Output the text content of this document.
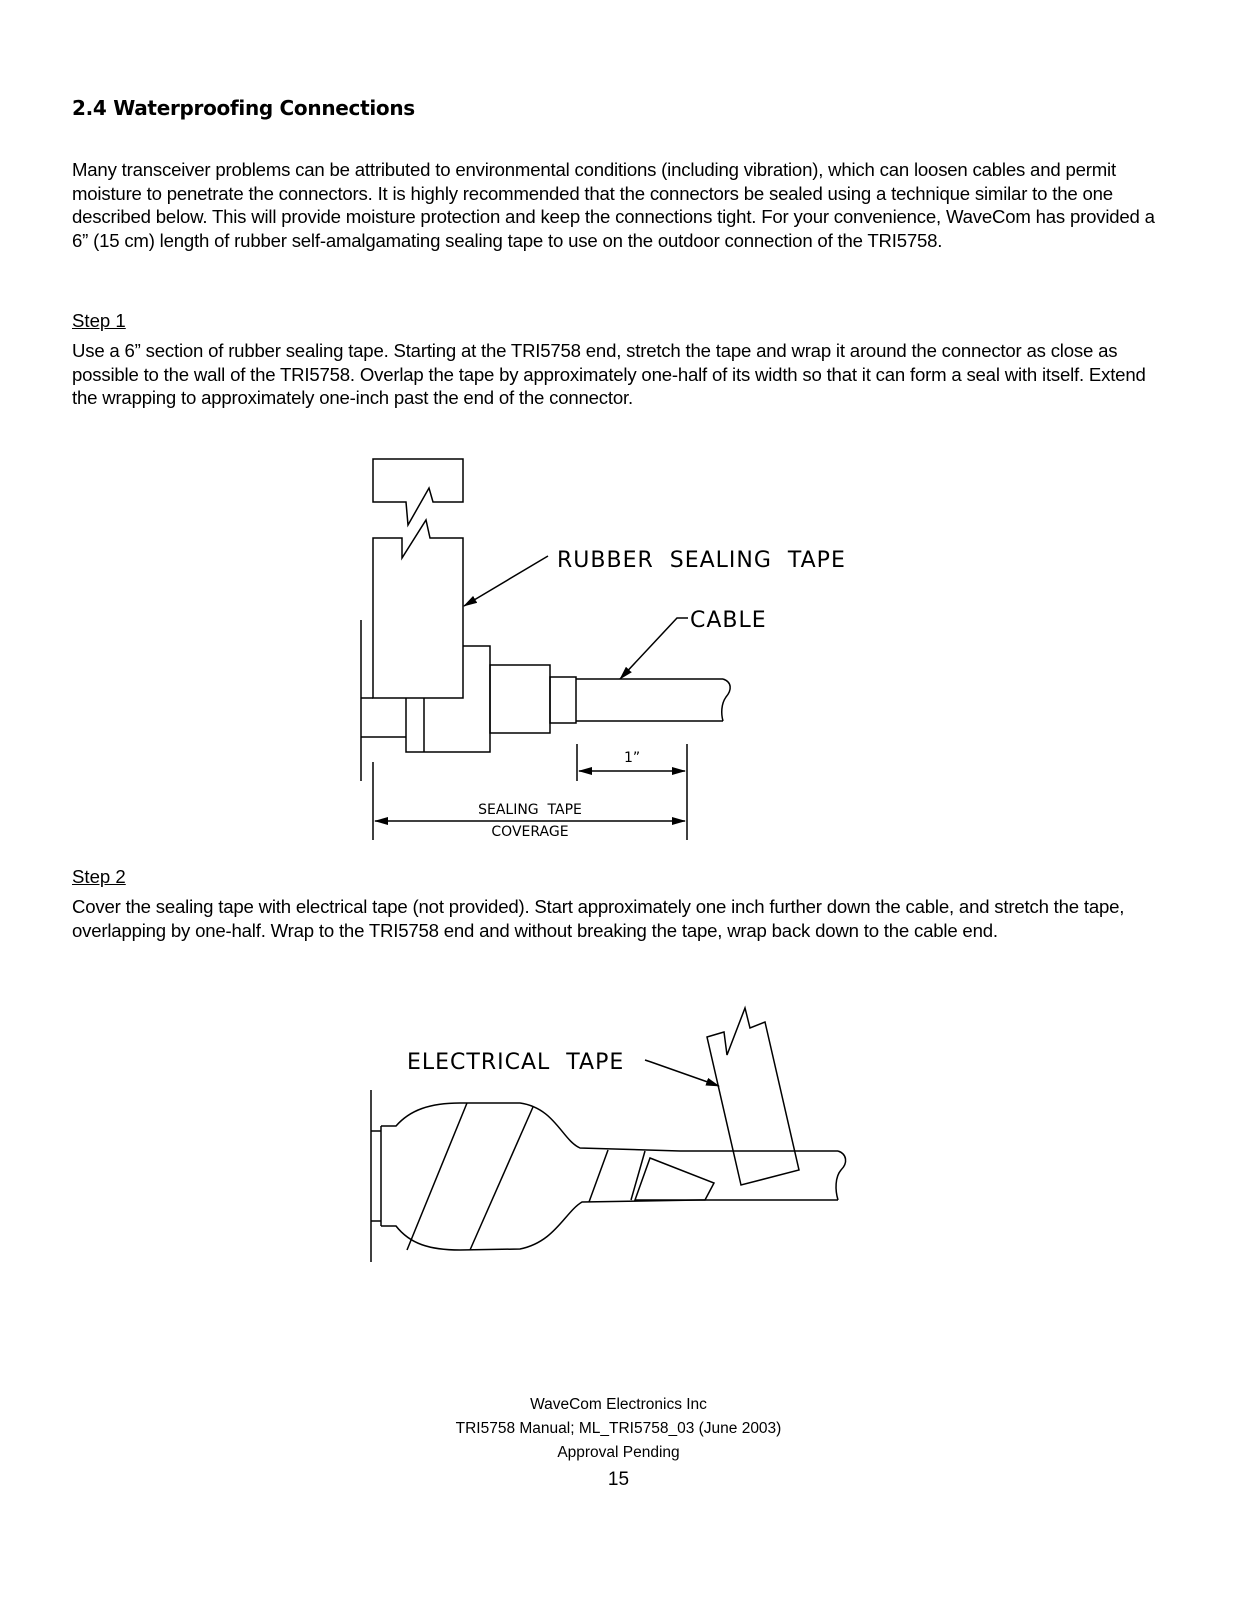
2.4 Waterproofing Connections

Many transceiver problems can be attributed to environmental conditions (including vibration), which can loosen cables and permit moisture to penetrate the connectors. It is highly recommended that the connectors be sealed using a technique similar to the one described below. This will provide moisture protection and keep the connections tight. For your convenience, WaveCom has provided a 6” (15 cm) length of rubber self-amalgamating sealing tape to use on the outdoor connection of the TRI5758.

Step 1

Use a 6” section of rubber sealing tape. Starting at the TRI5758 end, stretch the tape and wrap it around the connector as close as possible to the wall of the TRI5758. Overlap the tape by approximately one-half of its width so that it can form a seal with itself. Extend the wrapping to approximately one-inch past the end of the connector.

RUBBER  SEALING  TAPE
CABLE
1”
SEALING  TAPE
COVERAGE
ELECTRICAL  TAPE

Step 2

Cover the sealing tape with electrical tape (not provided). Start approximately one inch further down the cable, and stretch the tape, overlapping by one-half. Wrap to the TRI5758 end and without breaking the tape, wrap back down to the cable end.

WaveCom Electronics Inc
TRI5758 Manual; ML_TRI5758_03 (June 2003)
Approval Pending
15
